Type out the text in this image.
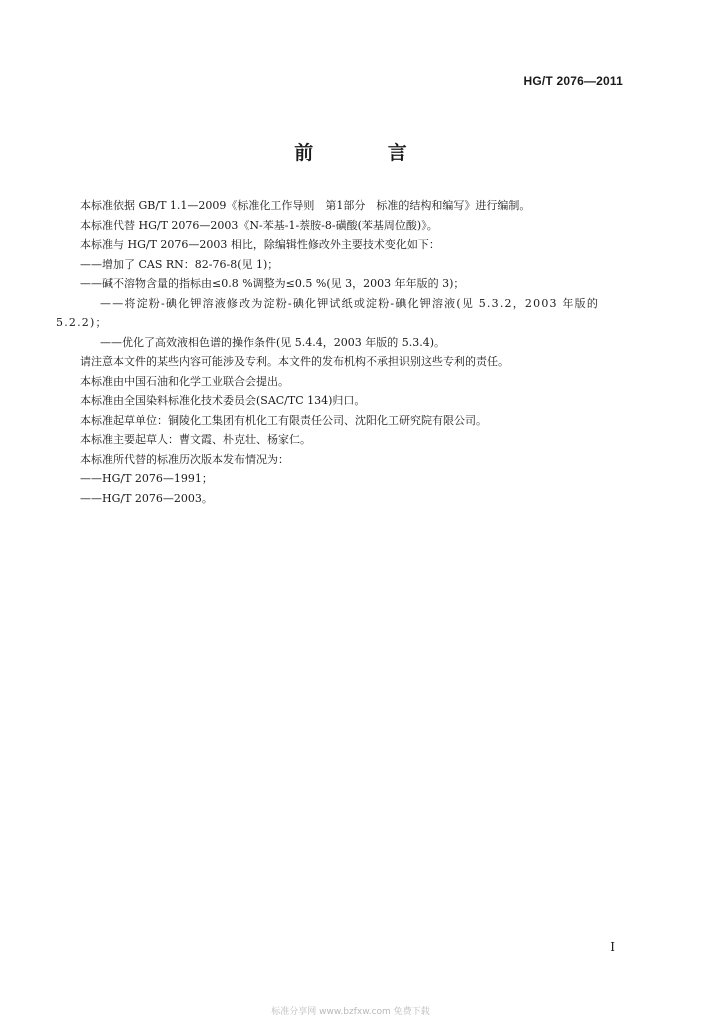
HG/T 2076—2011
前 言

本标准依据 GB/T 1.1—2009《标准化工作导则　第1部分　标准的结构和编写》进行编制。

本标准代替 HG/T 2076—2003《N-苯基-1-萘胺-8-磺酸(苯基周位酸)》。

本标准与 HG/T 2076—2003 相比，除编辑性修改外主要技术变化如下：

——增加了 CAS RN：82-76-8(见 1)；

——碱不溶物含量的指标由≤0.8 %调整为≤0.5 %(见 3，2003 年年版的 3)；

——将淀粉-碘化钾溶液修改为淀粉-碘化钾试纸或淀粉-碘化钾溶液(见 5.3.2，2003 年版的 5.2.2)；

——优化了高效液相色谱的操作条件(见 5.4.4，2003 年版的 5.3.4)。

请注意本文件的某些内容可能涉及专利。本文件的发布机构不承担识别这些专利的责任。

本标准由中国石油和化学工业联合会提出。

本标准由全国染料标准化技术委员会(SAC/TC 134)归口。

本标准起草单位：铜陵化工集团有机化工有限责任公司、沈阳化工研究院有限公司。

本标准主要起草人：曹文霞、朴克壮、杨家仁。

本标准所代替的标准历次版本发布情况为：

——HG/T 2076—1991；

——HG/T 2076—2003。

I
标准分享网 www.bzfxw.com 免费下载
